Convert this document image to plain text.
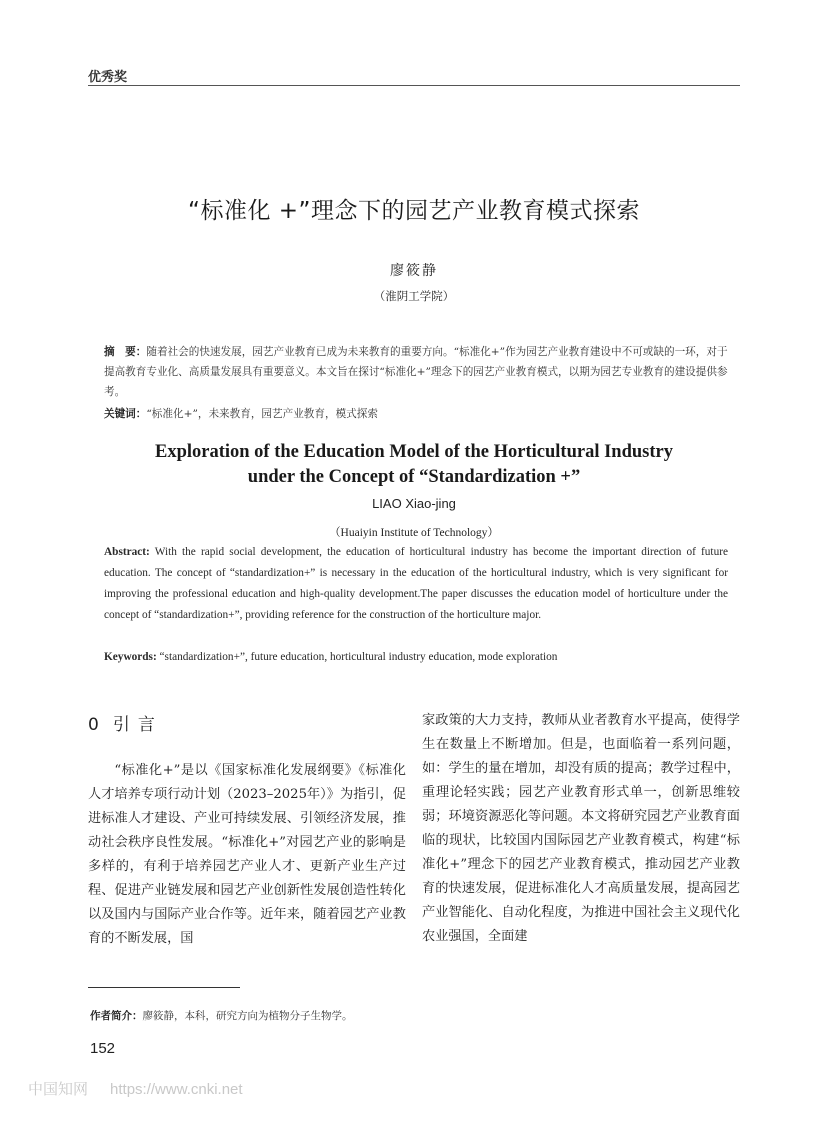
优秀奖
“标准化 +”理念下的园艺产业教育模式探索
廖筱静
（淮阴工学院）
摘　要：随着社会的快速发展，园艺产业教育已成为未来教育的重要方向。“标准化+”作为园艺产业教育建设中不可或缺的一环，对于提高教育专业化、高质量发展具有重要意义。本文旨在探讨“标准化+”理念下的园艺产业教育模式，以期为园艺专业教育的建设提供参考。
关键词：“标准化+”，未来教育，园艺产业教育，模式探索
Exploration of the Education Model of the Horticultural Industry
under the Concept of “Standardization +”
LIAO Xiao-jing
（Huaiyin Institute of Technology）
Abstract: With the rapid social development, the education of horticultural industry has become the important direction of future education. The concept of “standardization+” is necessary in the education of the horticultural industry, which is very significant for improving the professional education and high-quality development.The paper discusses the education model of horticulture under the concept of “standardization+”, providing reference for the construction of the horticulture major.
Keywords: “standardization+”, future education, horticultural industry education, mode exploration
0 引言
“标准化+”是以《国家标准化发展纲要》《标准化人才培养专项行动计划（2023–2025年）》为指引，促进标准人才建设、产业可持续发展、引领经济发展，推动社会秩序良性发展。“标准化+”对园艺产业的影响是多样的，有利于培养园艺产业人才、更新产业生产过程、促进产业链发展和园艺产业创新性发展创造性转化以及国内与国际产业合作等。近年来，随着园艺产业教育的不断发展，国
家政策的大力支持，教师从业者教育水平提高，使得学生在数量上不断增加。但是，也面临着一系列问题，如：学生的量在增加，却没有质的提高；教学过程中，重理论轻实践；园艺产业教育形式单一，创新思维较弱；环境资源恶化等问题。本文将研究园艺产业教育面临的现状，比较国内国际园艺产业教育模式，构建“标准化+”理念下的园艺产业教育模式，推动园艺产业教育的快速发展，促进标准化人才高质量发展，提高园艺产业智能化、自动化程度，为推进中国社会主义现代化农业强国，全面建
作者简介：廖筱静，本科，研究方向为植物分子生物学。
152
中国知网 https://www.cnki.net
